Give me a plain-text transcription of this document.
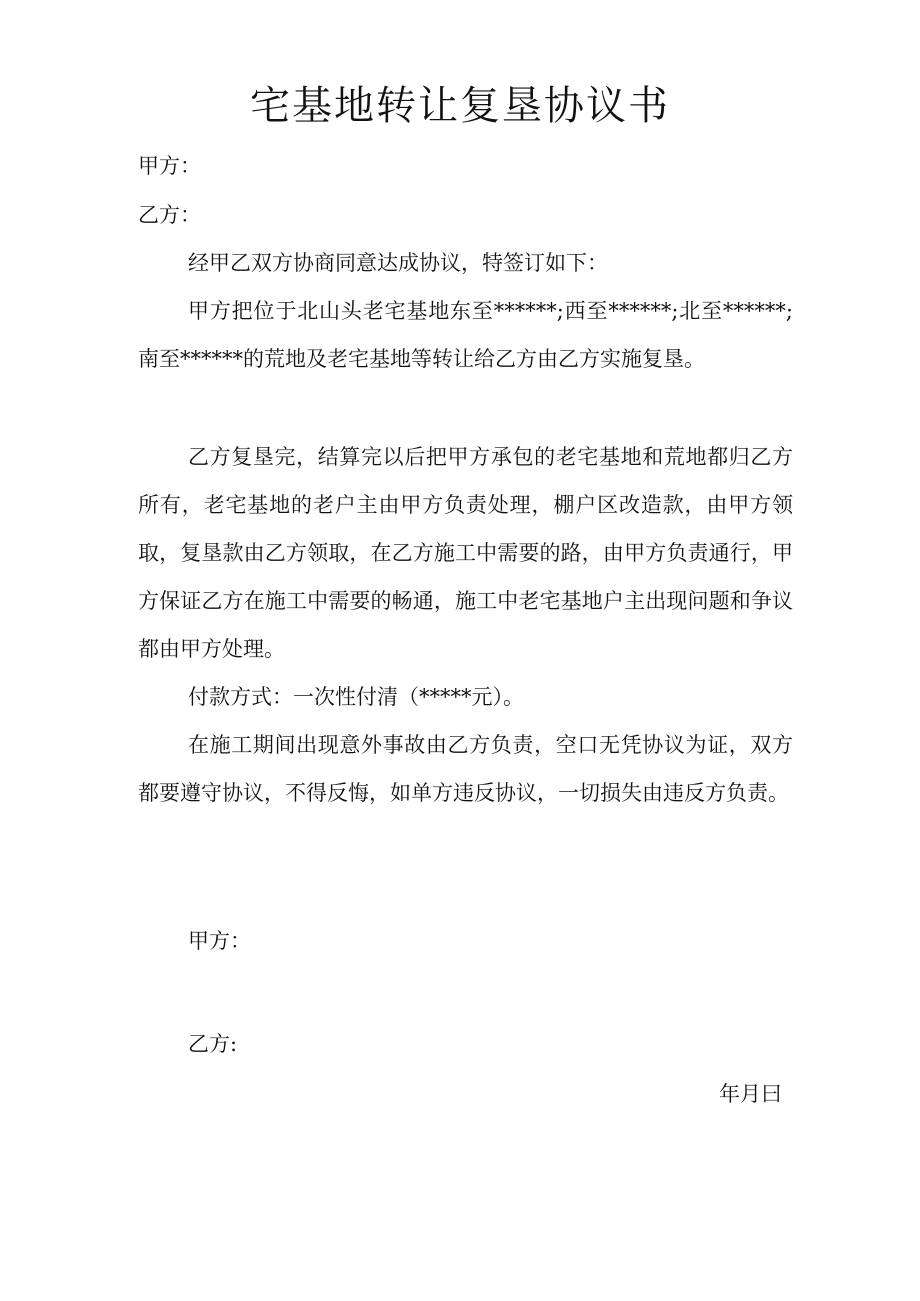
宅基地转让复垦协议书
甲方：
乙方：
经甲乙双方协商同意达成协议，特签订如下：
甲方把位于北山头老宅基地东至******;西至******;北至******;南至******的荒地及老宅基地等转让给乙方由乙方实施复垦。
乙方复垦完，结算完以后把甲方承包的老宅基地和荒地都归乙方所有，老宅基地的老户主由甲方负责处理，棚户区改造款，由甲方领取，复垦款由乙方领取，在乙方施工中需要的路，由甲方负责通行，甲方保证乙方在施工中需要的畅通，施工中老宅基地户主出现问题和争议都由甲方处理。
付款方式：一次性付清（*****元）。
在施工期间出现意外事故由乙方负责，空口无凭协议为证，双方都要遵守协议，不得反悔，如单方违反协议，一切损失由违反方负责。
甲方：
乙方:
年月曰
